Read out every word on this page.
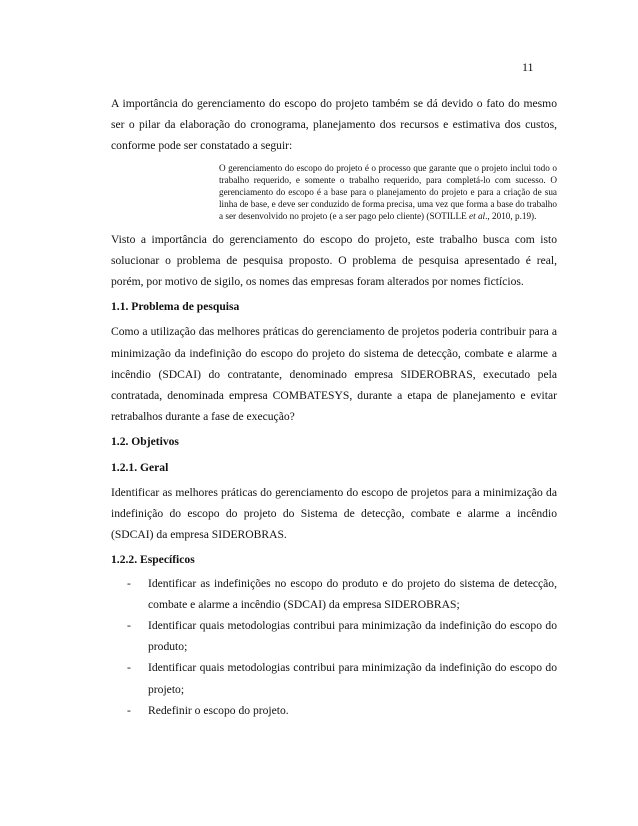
11

A importância do gerenciamento do escopo do projeto também se dá devido o fato do mesmo ser o pilar da elaboração do cronograma, planejamento dos recursos e estimativa dos custos, conforme pode ser constatado a seguir:

O gerenciamento do escopo do projeto é o processo que garante que o projeto inclui todo o trabalho requerido, e somente o trabalho requerido, para completá-lo com sucesso. O gerenciamento do escopo é a base para o planejamento do projeto e para a criação de sua linha de base, e deve ser conduzido de forma precisa, uma vez que forma a base do trabalho a ser desenvolvido no projeto (e a ser pago pelo cliente) (SOTILLE et al., 2010, p.19).

Visto a importância do gerenciamento do escopo do projeto, este trabalho busca com isto solucionar o problema de pesquisa proposto. O problema de pesquisa apresentado é real, porém, por motivo de sigilo, os nomes das empresas foram alterados por nomes fictícios.

1.1. Problema de pesquisa

Como a utilização das melhores práticas do gerenciamento de projetos poderia contribuir para a minimização da indefinição do escopo do projeto do sistema de detecção, combate e alarme a incêndio (SDCAI) do contratante, denominado empresa SIDEROBRAS, executado pela contratada, denominada empresa COMBATESYS, durante a etapa de planejamento e evitar retrabalhos durante a fase de execução?

1.2. Objetivos
1.2.1. Geral

Identificar as melhores práticas do gerenciamento do escopo de projetos para a minimização da indefinição do escopo do projeto do Sistema de detecção, combate e alarme a incêndio (SDCAI) da empresa SIDEROBRAS.

1.2.2. Específicos
- Identificar as indefinições no escopo do produto e do projeto do sistema de detecção, combate e alarme a incêndio (SDCAI) da empresa SIDEROBRAS;
- Identificar quais metodologias contribui para minimização da indefinição do escopo do produto;
- Identificar quais metodologias contribui para minimização da indefinição do escopo do projeto;
- Redefinir o escopo do projeto.
